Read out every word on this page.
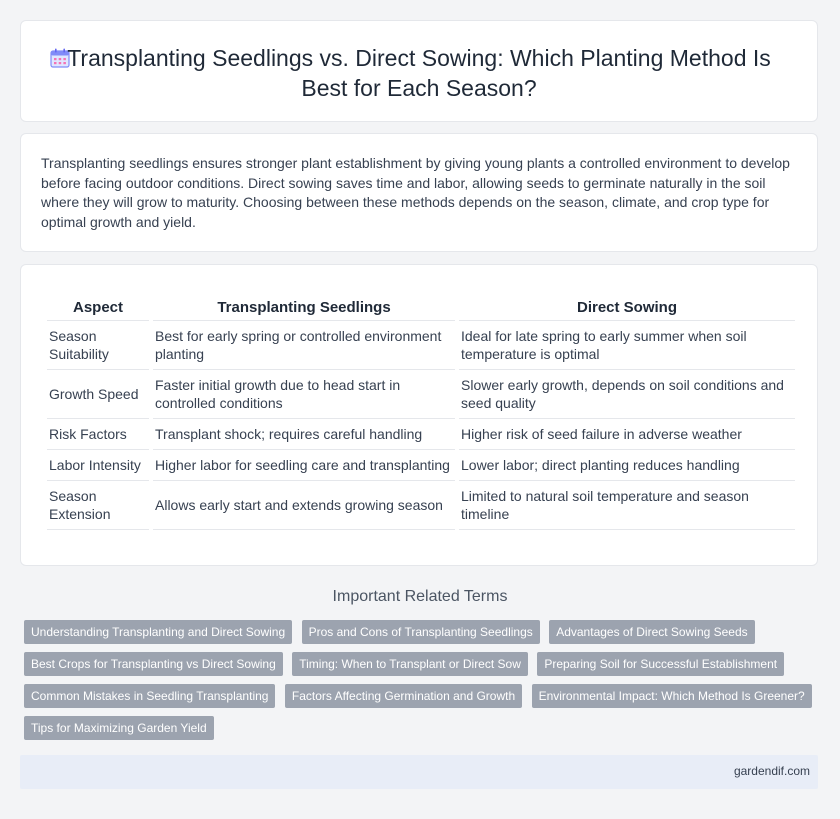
Transplanting Seedlings vs. Direct Sowing: Which Planting Method Is Best for Each Season?

Transplanting seedlings ensures stronger plant establishment by giving young plants a controlled environment to develop before facing outdoor conditions. Direct sowing saves time and labor, allowing seeds to germinate naturally in the soil where they will grow to maturity. Choosing between these methods depends on the season, climate, and crop type for optimal growth and yield.

Aspect	Transplanting Seedlings	Direct Sowing
Season Suitability	Best for early spring or controlled environment planting	Ideal for late spring to early summer when soil temperature is optimal
Growth Speed	Faster initial growth due to head start in controlled conditions	Slower early growth, depends on soil conditions and seed quality
Risk Factors	Transplant shock; requires careful handling	Higher risk of seed failure in adverse weather
Labor Intensity	Higher labor for seedling care and transplanting	Lower labor; direct planting reduces handling
Season Extension	Allows early start and extends growing season	Limited to natural soil temperature and season timeline
Important Related Terms
Understanding Transplanting and Direct Sowing Pros and Cons of Transplanting Seedlings Advantages of Direct Sowing Seeds Best Crops for Transplanting vs Direct Sowing Timing: When to Transplant or Direct Sow Preparing Soil for Successful Establishment Common Mistakes in Seedling Transplanting Factors Affecting Germination and Growth Environmental Impact: Which Method Is Greener? Tips for Maximizing Garden Yield
gardendif.com
